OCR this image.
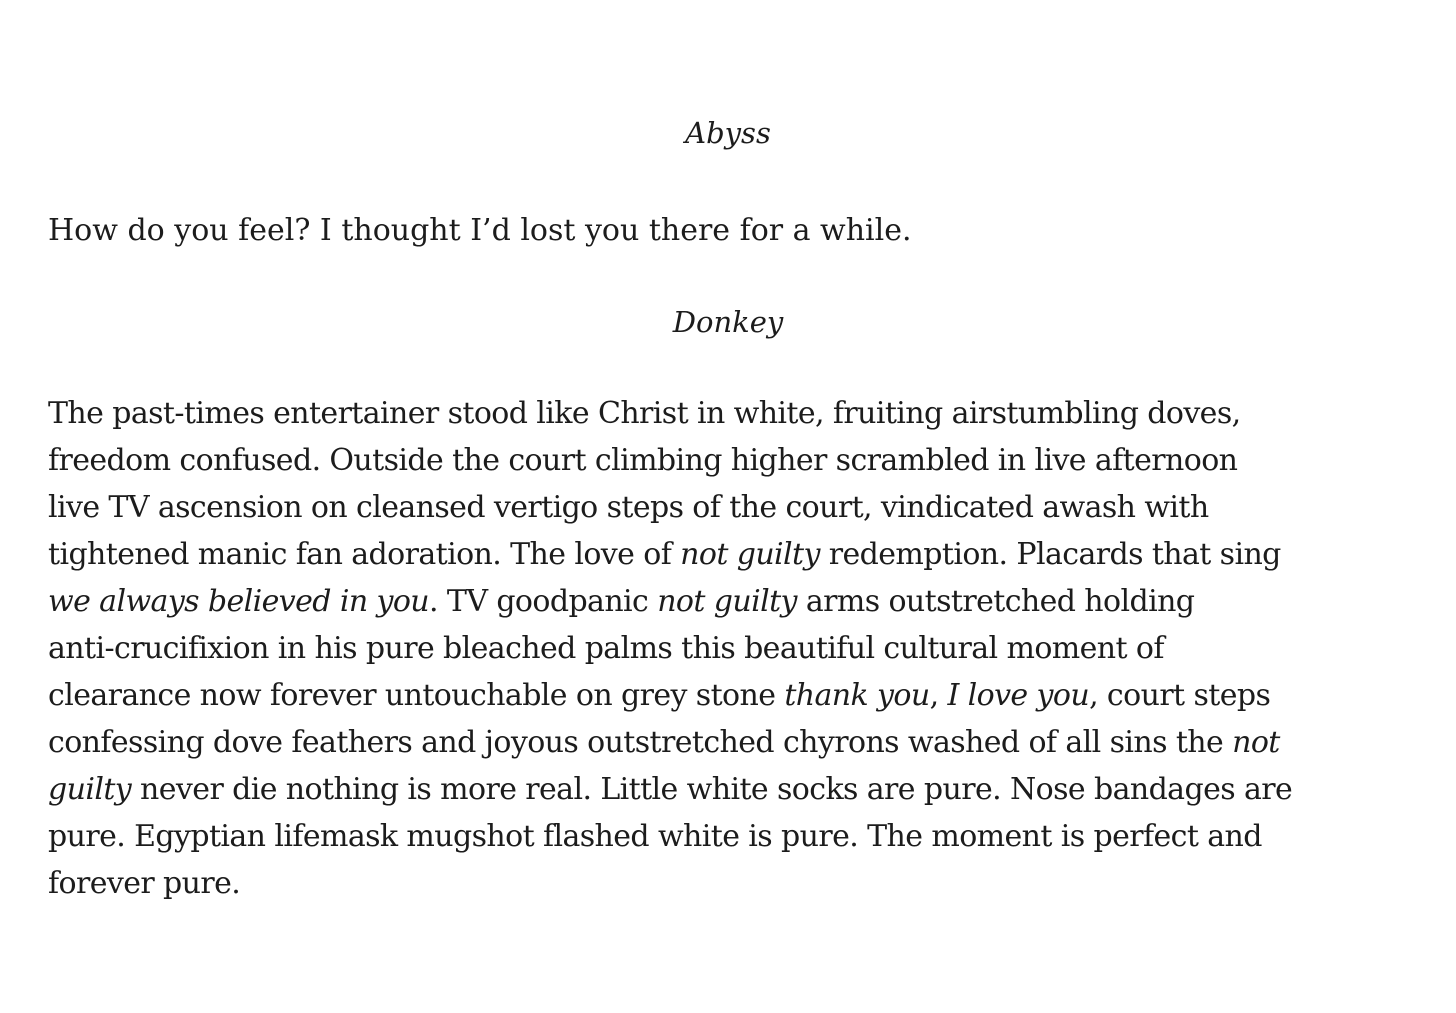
Abyss

How do you feel? I thought I’d lost you there for a while.

Donkey

The past-times entertainer stood like Christ in white, fruiting airstumbling doves,
freedom confused. Outside the court climbing higher scrambled in live afternoon
live TV ascension on cleansed vertigo steps of the court, vindicated awash with
tightened manic fan adoration. The love of not guilty redemption. Placards that sing
we always believed in you. TV goodpanic not guilty arms outstretched holding
anti-crucifixion in his pure bleached palms this beautiful cultural moment of
clearance now forever untouchable on grey stone thank you, I love you, court steps
confessing dove feathers and joyous outstretched chyrons washed of all sins the not
guilty never die nothing is more real. Little white socks are pure. Nose bandages are
pure. Egyptian lifemask mugshot flashed white is pure. The moment is perfect and
forever pure.
